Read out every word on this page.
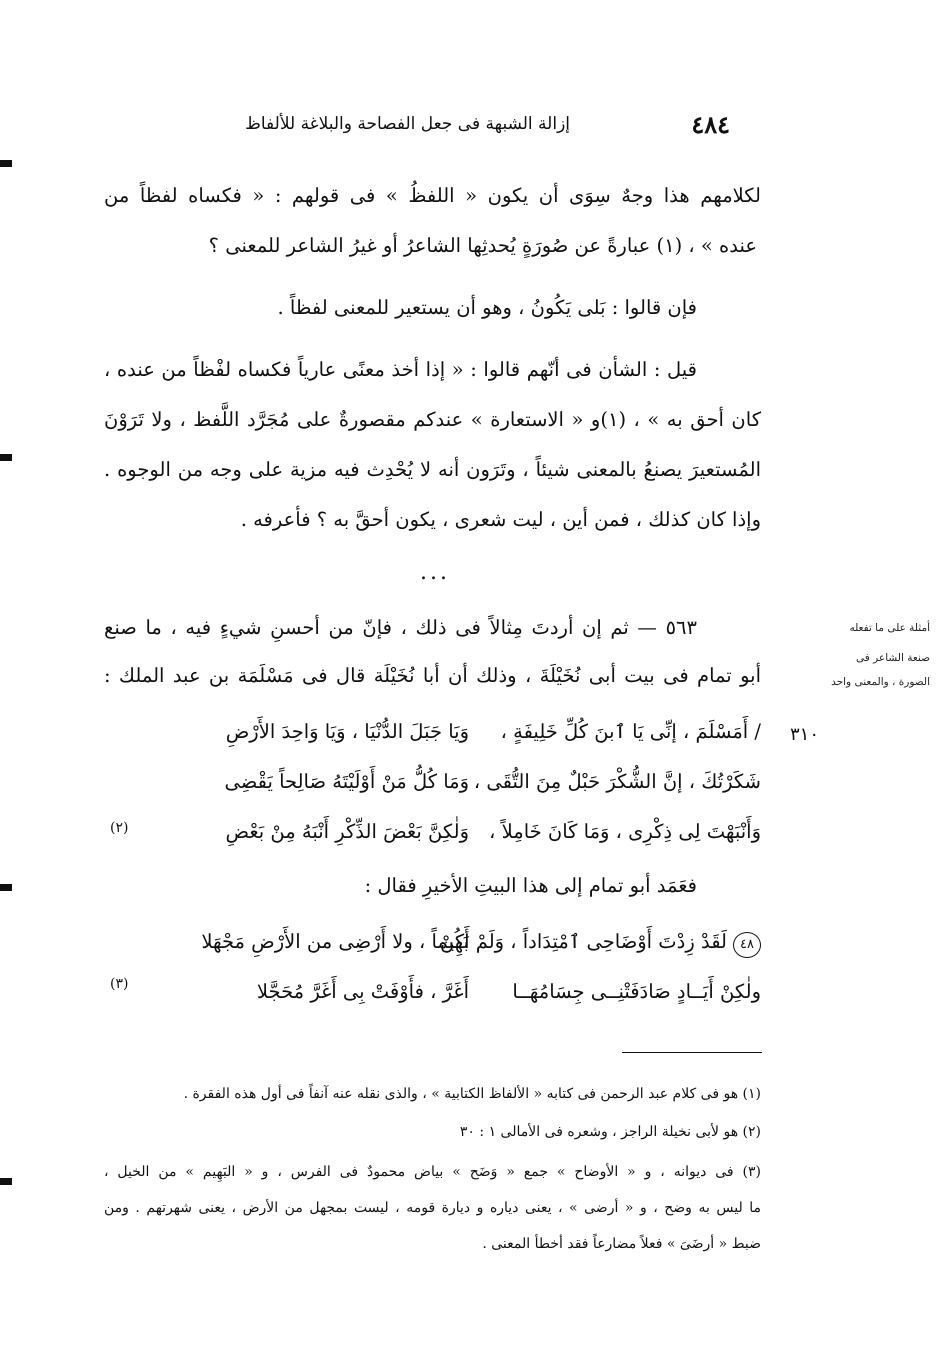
٤٨٤
إزالة الشبهة فى جعل الفصاحة والبلاغة للألفاظ
لكلامهم هذا وجهٌ سِوَى أن يكون « اللفظُ » فى قولهم : « فكساه لفظاً من
عنده » ، (١) عبارةً عن صُورَةٍ يُحدثِها الشاعرُ أو غيرُ الشاعر للمعنى ؟
فإن قالوا : بَلى يَكُونُ ، وهو أن يستعير للمعنى لفظاً .
قيل : الشأن فى أنّهم قالوا : « إذا أخذ معنًى عارياً فكساه لفْظاً من عنده ،
كان أحق به » ، (١)و « الاستعارة » عندكم مقصورةٌ على مُجَرَّد اللَّفظ ، ولا تَرَوْنَ
المُستعيرَ يصنعُ بالمعنى شيئاً ، وتَرَون أنه لا يُحْدِث فيه مزية على وجه من الوجوه .
وإذا كان كذلك ، فمن أين ، ليت شعرى ، يكون أحقَّ به ؟ فأعرفه .
...
٥٦٣ — ثم إن أردتَ مِثالاً فى ذلك ، فإنّ من أحسنِ شيءٍ فيه ، ما صنع
أبو تمام فى بيت أبى نُخَيْلَةَ ، وذلك أن أبا نُخَيْلَة قال فى مَسْلَمَة بن عبد الملك :
أمثلة على ما تفعله
صنعة الشاعر فى
الصورة ، والمعنى واحد
٣١٠
/ أَمَسْلَمَ ، إنِّى يَا ٱبنَ كُلِّ خَلِيفَةٍ ،
وَيَا جَبَلَ الدُّنْيَا ، وَيَا وَاحِدَ الأَرْضِ
شَكَرْتُكَ ، إنَّ الشُّكْرَ حَبْلٌ مِنَ التُّقَى ،
وَمَا كُلُّ مَنْ أَوْلَيْتَهُ صَالِحاً يَقْضِى
وَأَنْبَهْتَ لِى ذِكْرِى ، وَمَا كَانَ خَامِلاً ،
وَلٰكِنَّ بَعْضَ الذِّكْرِ أَنْبَهُ مِنْ بَعْضِ
(٢)
فعَمَد أبو تمام إلى هذا البيتِ الأخيرِ فقال :
٤٨لَقَدْ زِدْتَ أَوْضَاحِى ٱمْتِدَاداً ، وَلَمْ أَكُنْ
بَهِيماً ، ولا أَرْضِى من الأَرْضِ مَجْهَلا
ولٰكِنْ أَيَــادٍ صَادَفَتْنِــى جِسَامُهَــا
أَغَرَّ ، فأَوْفَتْ بِى أَغَرَّ مُحَجَّلا
(٣)
(١) هو فى كلام عبد الرحمن فى كتابه « الألفاظ الكتابية » ، والذى نقله عنه آنفاً فى أول هذه الفقرة .
(٢) هو لأبى نخيلة الراجز ، وشعره فى الأمالى ١ : ٣٠
(٣) فى ديوانه ، و « الأوضاح » جمع « وَضَح » بياض محمودٌ فى الفرس ، و « البَهِيم » من الخيل ،
ما ليس به وضح ، و « أرضى » ، يعنى دياره و ديارة قومه ، ليست بمجهل من الأرض ، يعنى شهرتهم . ومن
ضبط « أرضَىَ » فعلاً مضارعاً فقد أخطأ المعنى .
